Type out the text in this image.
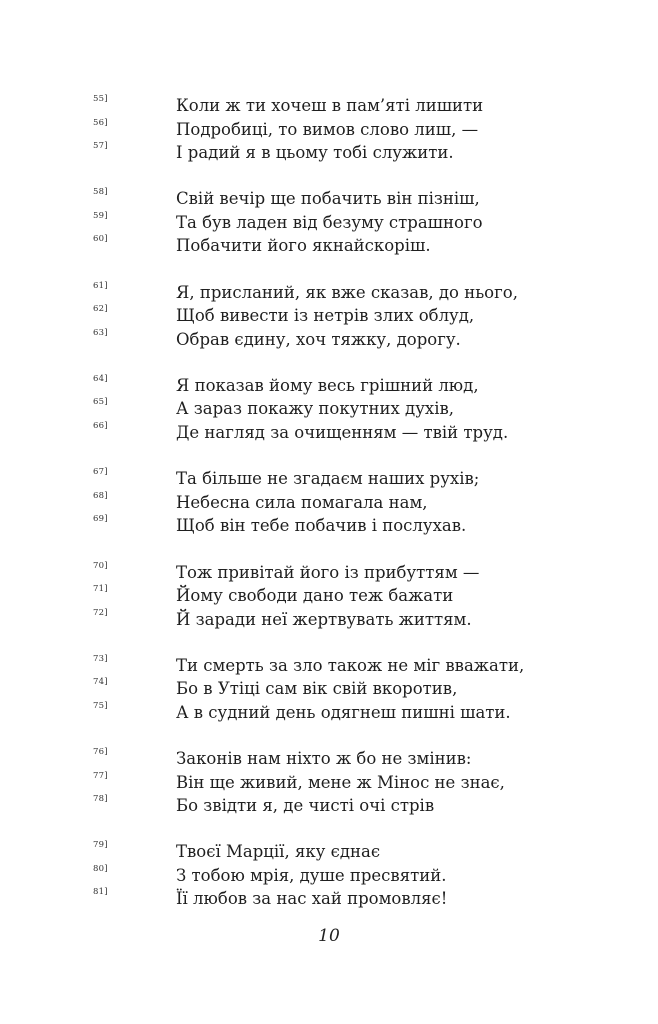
55]	Коли ж ти хочеш в пам’яті лишити
56]	Подробиці, то вимов слово лиш, —
57]	І радий я в цьому тобі служити.
58]	Свій вечір ще побачить він пізніш,
59]	Та був ладен від безуму страшного
60]	Побачити його якнайскоріш.
61]	Я, присланий, як вже сказав, до нього,
62]	Щоб вивести із нетрів злих облуд,
63]	Обрав єдину, хоч тяжку, дорогу.
64]	Я показав йому весь грішний люд,
65]	А зараз покажу покутних духів,
66]	Де нагляд за очищенням — твій труд.
67]	Та більше не згадаєм наших рухів;
68]	Небесна сила помагала нам,
69]	Щоб він тебе побачив і послухав.
70]	Тож привітай його із прибуттям —
71]	Йому свободи дано теж бажати
72]	Й заради неї жертвувать життям.
73]	Ти смерть за зло також не міг вважати,
74]	Бо в Утіці сам вік свій вкоротив,
75]	А в судний день одягнеш пишні шати.
76]	Законів нам ніхто ж бо не змінив:
77]	Він ще живий, мене ж Мінос не знає,
78]	Бо звідти я, де чисті очі стрів
79]	Твоєї Марції, яку єднає
80]	З тобою мрія, душе пресвятий.
81]	Її любов за нас хай промовляє!
10
